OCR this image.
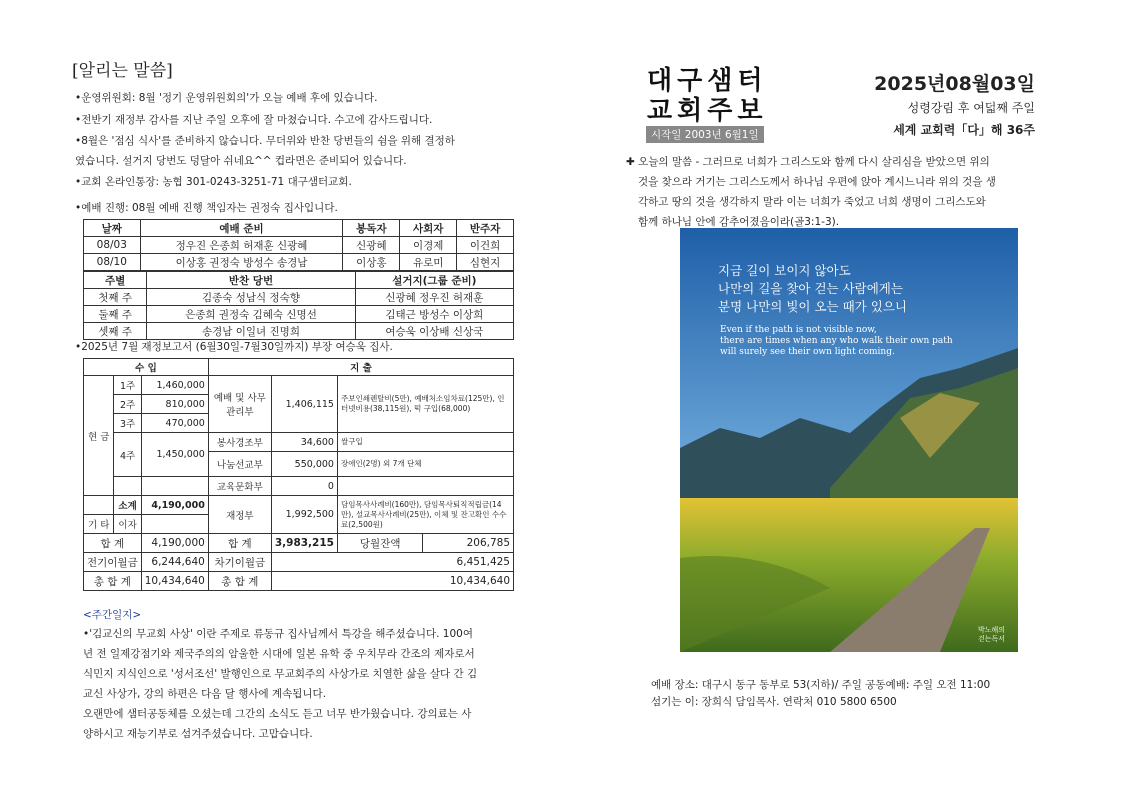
[알리는 말씀]
•운영위원회: 8월 '정기 운영위원회의'가 오늘 예배 후에 있습니다.
•전반기 재정부 감사를 지난 주일 오후에 잘 마쳤습니다. 수고에 감사드립니다.
•8월은 '점심 식사'를 준비하지 않습니다. 무더위와 반찬 당번들의 쉼을 위해 결정하
였습니다. 설거지 당번도 덩달아 쉬네요^^ 컵라면은 준비되어 있습니다.
•교회 온라인통장: 농협 301-0243-3251-71 대구샘터교회.
•예배 진행: 08월 예배 진행 책임자는 권정숙 집사입니다.
날짜	예배 준비	봉독자	사회자	반주자
08/03	정우진 은종희 허재훈 신광혜	신광혜	이경제	이건희
08/10	이상홍 권정숙 방성수 송경남	이상홍	유로미	심현지
주별	반찬 당번	설거지(그룹 준비)
첫째 주	김종숙 성남식 정숙향	신광혜 정우진 허재훈
둘째 주	은종희 권정숙 김혜숙 신명선	김태근 방성수 이상희
셋째 주	송경남 이일녀 진명희	여승욱 이상배 신상국
•2025년 7월 재정보고서 (6월30일-7월30일까지) 부장 여승욱 집사.
수 입			지 출			
현 금	1주	1,460,000	예배 및 사무관리부	1,406,115	주보인쇄렌탈비(5만), 예배처소임차료(125만), 인터넷비용(38,115원), 떡 구입(68,000)	
	2주	810,000				
	3주	470,000				
	4주	1,450,000	봉사경조부	34,600	쌀구입	
			나눔선교부	550,000	장애인(2명) 외 7개 단체	
			교육문화부	0		
	소계	4,190,000	재정부	1,992,500	담임목사사례비(160만), 담임목사퇴직적립금(14만), 설교목사사례비(25만), 이체 및 잔고확인 수수료(2,500원)	
기 타	이자					
합 계		4,190,000	합 계	3,983,215	당월잔액	206,785
전기이월금		6,244,640	차기이월금	6,451,425		
총 합 계		10,434,640	총 합 계	10,434,640		
<주간일지>
•'김교신의 무교회 사상' 이란 주제로 류동규 집사님께서 특강을 해주셨습니다. 100여
년 전 일제강점기와 제국주의의 암울한 시대에 일본 유학 중 우치무라 간조의 제자로서
식민지 지식인으로 '성서조선' 발행인으로 무교회주의 사상가로 치열한 삶을 살다 간 김
교신 사상가, 강의 하편은 다음 달 행사에 계속됩니다.
오랜만에 샘터공동체를 오셨는데 그간의 소식도 듣고 너무 반가웠습니다. 강의료는 사
양하시고 재능기부로 섬겨주셨습니다. 고맙습니다.
대구샘터
교회주보
시작일 2003년 6월1일
2025년08월03일
성령강림 후 여덟째 주일
세계 교회력「다」해 36주
✚ 오늘의 말씀 - 그러므로 너희가 그리스도와 함께 다시 살리심을 받았으면 위의
것을 찾으라 거기는 그리스도께서 하나님 우편에 앉아 계시느니라 위의 것을 생
각하고 땅의 것을 생각하지 말라 이는 너희가 죽었고 너희 생명이 그리스도와
함께 하나님 안에 감추어졌음이라(골3:1-3).
지금 길이 보이지 않아도
나만의 길을 찾아 걷는 사람에게는
분명 나만의 빛이 오는 때가 있으니
Even if the path is not visible now,
there are times when any who walk their own path
will surely see their own light coming.
박노해의
걷는독서
예배 장소: 대구시 동구 동부로 53(지하)/ 주일 공동예배: 주일 오전 11:00
섬기는 이: 장희식 담임목사. 연락처 010 5800 6500
